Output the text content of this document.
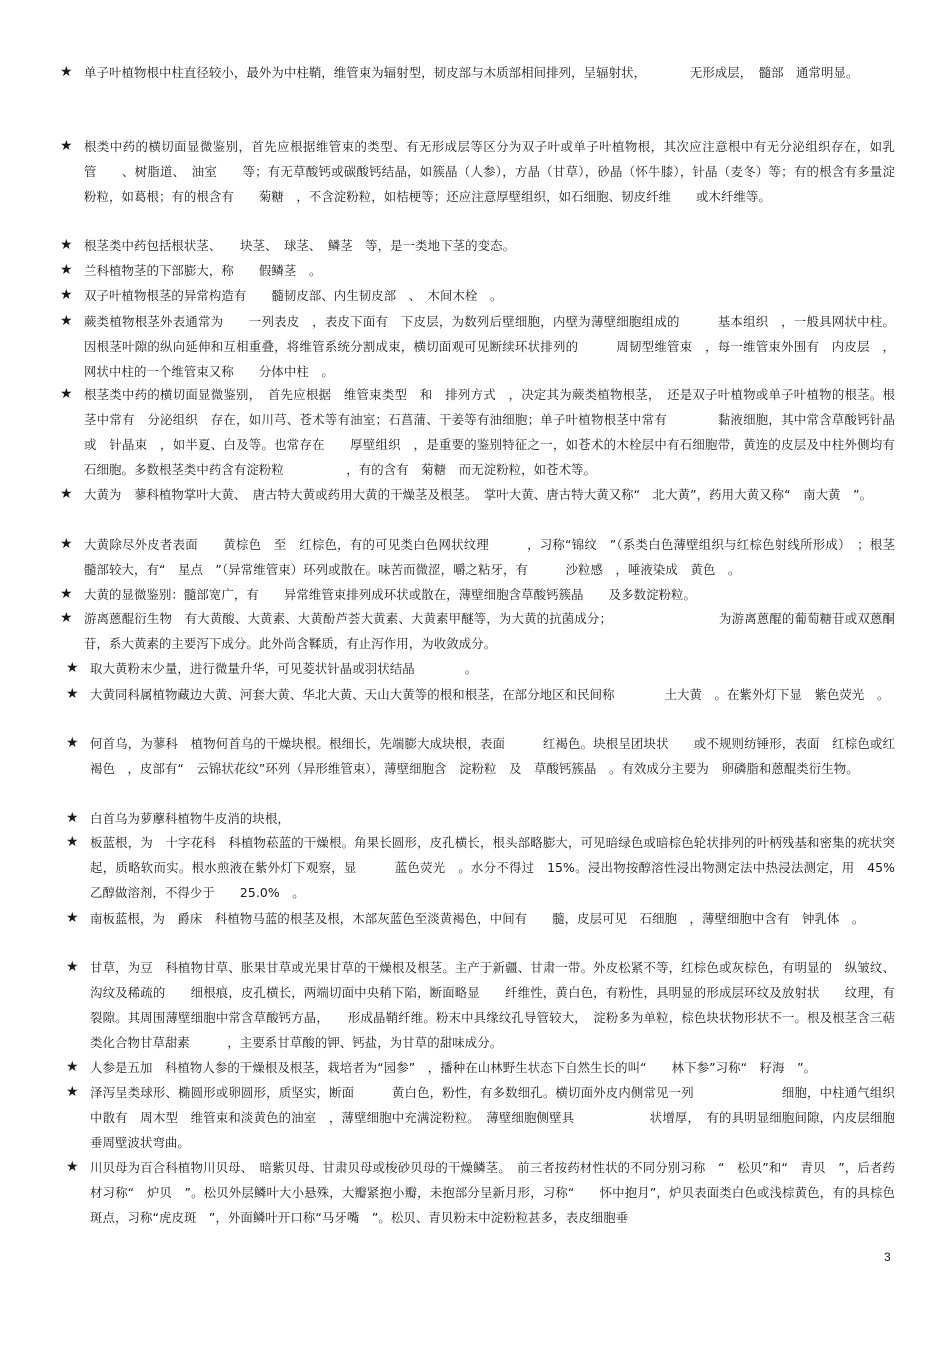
★ 单子叶植物根中柱直径较小，最外为中柱鞘，维管束为辐射型，韧皮部与木质部相间排列，呈辐射状，　　　　无形成层，　髓部　通常明显。
★ 根类中药的横切面显微鉴别，首先应根据维管束的类型、有无形成层等区分为双子叶或单子叶植物根，其次应注意根中有无分泌组织存在，如乳管　　、树脂道、　油室　　等；有无草酸钙或碳酸钙结晶，如簇晶（人参），方晶（甘草），砂晶（怀牛膝），针晶（麦冬）等；有的根含有多量淀粉粒，如葛根；有的根含有　　菊糖　，不含淀粉粒，如桔梗等；还应注意厚壁组织，如石细胞、韧皮纤维　　或木纤维等。
★ 根茎类中药包括根状茎、　　块茎、　球茎、　鳞茎　等，是一类地下茎的变态。
★ 兰科植物茎的下部膨大，称　　假鳞茎　。
★ 双子叶植物根茎的异常构造有　　髓韧皮部、内生韧皮部　、　木间木栓　。
★ 蕨类植物根茎外表通常为　　一列表皮　，表皮下面有　下皮层，为数列后壁细胞，内壁为薄壁细胞组成的　　　基本组织　，一般具网状中柱。因根茎叶隙的纵向延伸和互相重叠，将维管系统分割成束，横切面观可见断续环状排列的　　　周韧型维管束　，每一维管束外围有　内皮层　，网状中柱的一个维管束又称　　分体中柱　。
★ 根茎类中药的横切面显微鉴别，　首先应根据　维管束类型　和　排列方式　，决定其为蕨类植物根茎，　还是双子叶植物或单子叶植物的根茎。根茎中常有　分泌组织　存在，如川芎、苍术等有油室；石菖蒲、干姜等有油细胞；单子叶植物根茎中常有　　　　黏液细胞，其中常含草酸钙针晶　或　针晶束　，如半夏、白及等。也常存在　　厚壁组织　，是重要的鉴别特征之一，如苍术的木栓层中有石细胞带，黄连的皮层及中柱外侧均有石细胞。多数根茎类中药含有淀粉粒　　　　　，有的含有　菊糖　而无淀粉粒，如苍术等。
★ 大黄为　蓼科植物掌叶大黄、　唐古特大黄或药用大黄的干燥茎及根茎。　掌叶大黄、唐古特大黄又称“　北大黄”，药用大黄又称“　南大黄　”。
★ 大黄除尽外皮者表面　　黄棕色　至　红棕色，有的可见类白色网状纹理　　　，习称“锦纹　”（系类白色薄壁组织与红棕色射线所形成）　；根茎髓部较大，有“　星点　”（异常维管束）环列或散在。味苦而微涩，嚼之粘牙，有　　　沙粒感　，唾液染成　黄色　。
★ 大黄的显微鉴别：髓部宽广，有　　异常维管束排列成环状或散在，薄壁细胞含草酸钙簇晶　　及多数淀粉粒。
★ 游离蒽醌衍生物　有大黄酸、大黄素、大黄酚芦荟大黄素、大黄素甲醚等，为大黄的抗菌成分；　　　　　　　　　为游离蒽醌的葡萄糖苷或双蒽酮苷，系大黄素的主要泻下成分。此外尚含鞣质，有止泻作用，为收敛成分。
★ 取大黄粉末少量，进行微量升华，可见菱状针晶或羽状结晶　　　　。
★ 大黄同科属植物藏边大黄、河套大黄、华北大黄、天山大黄等的根和根茎，在部分地区和民间称　　　　土大黄　。在紫外灯下显　紫色荧光　。
★ 何首乌，为蓼科　植物何首乌的干燥块根。根细长，先端膨大成块根，表面　　　红褐色。块根呈团块状　　或不规则纺锤形，表面　红棕色或红褐色　，皮部有“　云锦状花纹”环列（异形维管束），薄壁细胞含　淀粉粒　及　草酸钙簇晶　。有效成分主要为　卵磷脂和蒽醌类衍生物。
★ 白首乌为萝藦科植物牛皮消的块根，
★ 板蓝根，为　十字花科　科植物菘蓝的干燥根。角果长圆形，皮孔横长，根头部略膨大，可见暗绿色或暗棕色轮状排列的叶柄残基和密集的疣状突起，质略软而实。根水煎液在紫外灯下观察，显　　　蓝色荧光　。水分不得过　15%。浸出物按醇溶性浸出物测定法中热浸法测定，用　45%乙醇做溶剂，不得少于　　25.0%　。
★ 南板蓝根，为　爵床　科植物马蓝的根茎及根，木部灰蓝色至淡黄褐色，中间有　　髓，皮层可见　石细胞　，薄壁细胞中含有　钟乳体　。
★ 甘草，为豆　科植物甘草、胀果甘草或光果甘草的干燥根及根茎。主产于新疆、甘肃一带。外皮松紧不等，红棕色或灰棕色，有明显的　纵皱纹、沟纹及稀疏的　　细根痕，皮孔横长，两端切面中央稍下陷，断面略显　　纤维性，黄白色，有粉性，具明显的形成层环纹及放射状　　纹理，有裂隙。其周围薄壁细胞中常含草酸钙方晶，　　形成晶鞘纤维。粉末中具缘纹孔导管较大，　淀粉多为单粒，棕色块状物形状不一。根及根茎含三萜类化合物甘草甜素　　　，主要系甘草酸的钾、钙盐，为甘草的甜味成分。
★ 人参是五加　科植物人参的干燥根及根茎，栽培者为“园参”　，播种在山林野生状态下自然生长的叫“　　林下参”习称“　籽海　”。
★ 泽泻呈类球形、椭圆形或卵圆形，质坚实，断面　　　黄白色，粉性，有多数细孔。横切面外皮内侧常见一列　　　　　　　细胞，中柱通气组织中散有　周木型　维管束和淡黄色的油室　，薄壁细胞中充满淀粉粒。　薄壁细胞侧壁具　　　　　　状增厚，　有的具明显细胞间隙，内皮层细胞垂周壁波状弯曲。
★ 川贝母为百合科植物川贝母、　暗紫贝母、甘肃贝母或梭砂贝母的干燥鳞茎。　前三者按药材性状的不同分别习称　“　松贝”和“　青贝　”，后者药材习称“　炉贝　”。松贝外层鳞叶大小悬殊，大瓣紧抱小瓣，未抱部分呈新月形，习称“　　怀中抱月”，炉贝表面类白色或浅棕黄色，有的具棕色斑点，习称“虎皮斑　”，外面鳞叶开口称“马牙嘴　”。松贝、青贝粉末中淀粉粒甚多，表皮细胞垂
3
